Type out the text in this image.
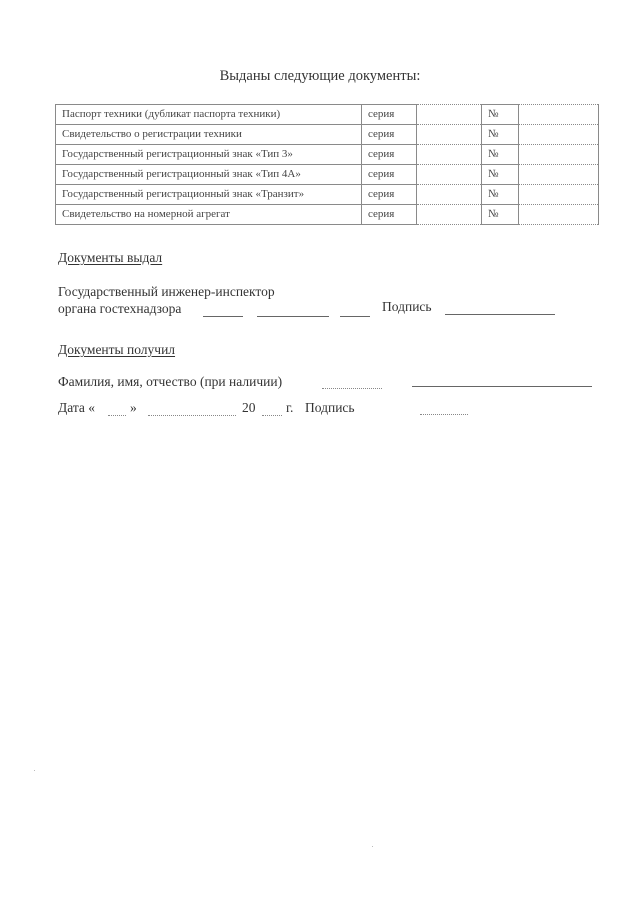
Выданы следующие документы:
Паспорт техники (дубликат паспорта техники)	серия		№	
Свидетельство о регистрации техники	серия		№	
Государственный регистрационный знак «Тип 3»	серия		№	
Государственный регистрационный знак «Тип 4А»	серия		№	
Государственный регистрационный знак «Транзит»	серия		№	
Свидетельство на номерной агрегат	серия		№	
Документы выдал
Государственный инженер-инспектор
органа гостехнадзора	Подпись
Документы получил
Фамилия, имя, отчество (при наличии)
Дата «	»	20 г. Подпись
